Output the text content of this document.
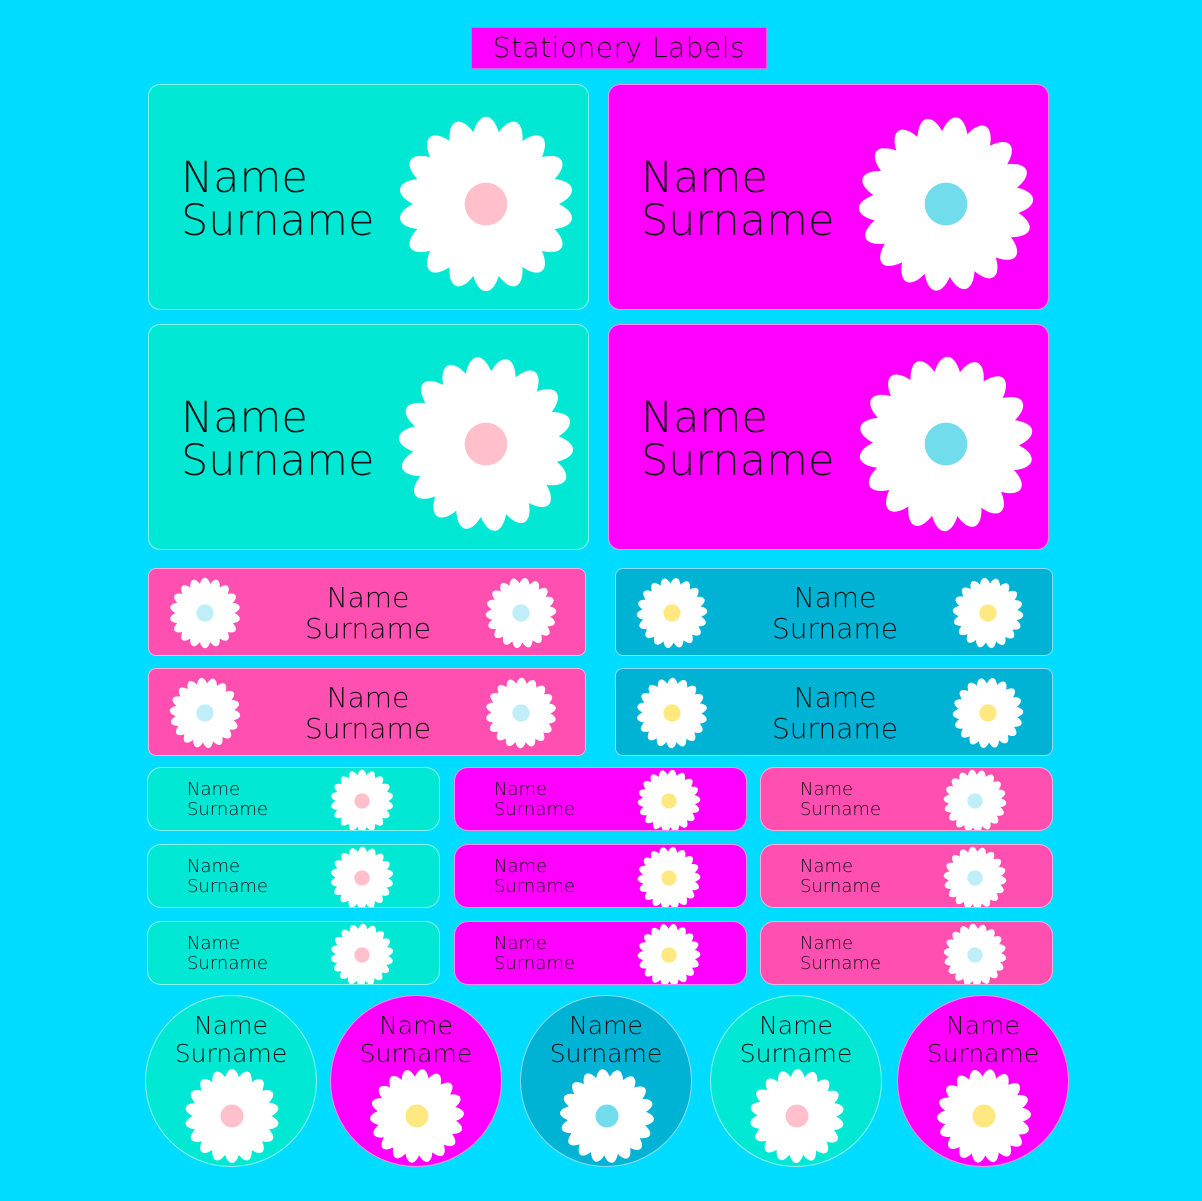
Stationery Labels
Name
Surname
Name
Surname
Name
Surname
Name
Surname
Name
Surname
Name
Surname
Name
Surname
Name
Surname
Name
Surname
Name
Surname
Name
Surname
Name
Surname
Name
Surname
Name
Surname
Name
Surname
Name
Surname
Name
Surname
Name
Surname
Name
Surname
Name
Surname
Name
Surname
Name
Surname
